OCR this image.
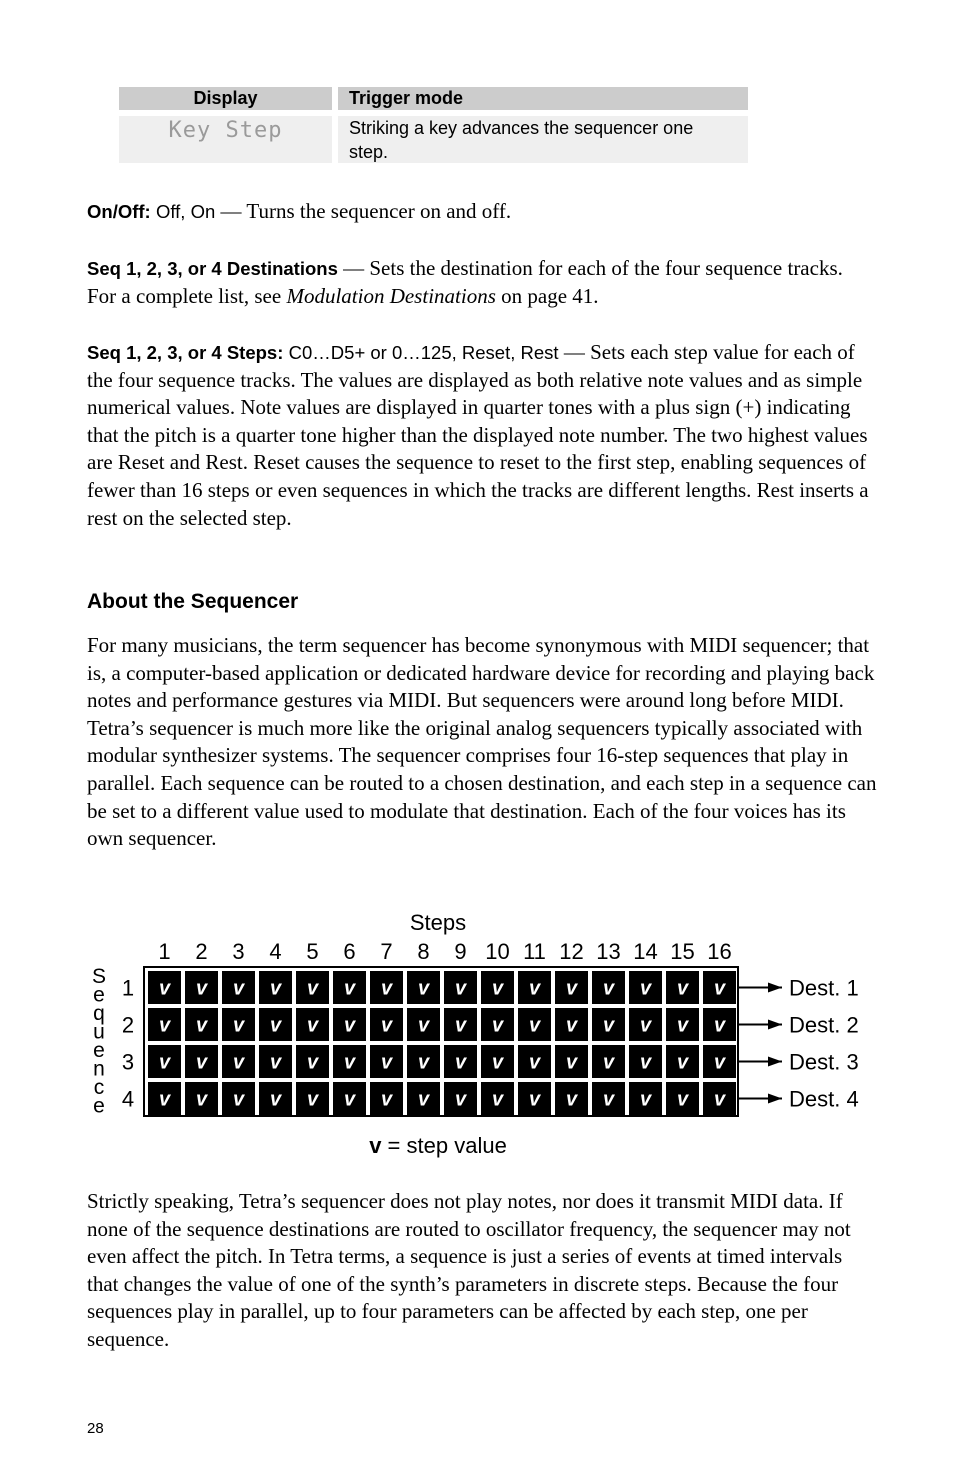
Display	Trigger mode
Key Step	Striking a key advances the sequencer one step.

On/Off: Off, On — Turns the sequencer on and off.

Seq 1, 2, 3, or 4 Destinations — Sets the destination for each of the four sequence tracks. For a complete list, see Modulation Destinations on page 41.

Seq 1, 2, 3, or 4 Steps: C0…D5+ or 0…125, Reset, Rest — Sets each step value for each of the four sequence tracks. The values are displayed as both relative note values and as simple numerical values. Note values are displayed in quarter tones with a plus sign (+) indicating that the pitch is a quarter tone higher than the displayed note number. The two highest values are Reset and Rest. Reset causes the sequence to reset to the first step, enabling sequences of fewer than 16 steps or even sequences in which the tracks are different lengths. Rest inserts a rest on the selected step.

About the Sequencer

For many musicians, the term sequencer has become synonymous with MIDI sequencer; that is, a computer-based application or dedicated hardware device for recording and playing back notes and performance gestures via MIDI. But sequencers were around long before MIDI. Tetra’s sequencer is much more like the original analog sequencers typically associated with modular synthesizer systems. The sequencer comprises four 16-step sequences that play in parallel. Each sequence can be routed to a chosen destination, and each step in a sequence can be set to a different value used to modulate that destination. Each of the four voices has its own sequencer.

Steps
1 2 3 4 5 6 7 8 9 10 11 12 13 14 15 16
S
e
q
u
e
n
c
e
1
2
3
4
v v v v v v v v v v v v v v v v
v v v v v v v v v v v v v v v v
v v v v v v v v v v v v v v v v
v v v v v v v v v v v v v v v v
Dest. 1
Dest. 2
Dest. 3
Dest. 4
v = step value

Strictly speaking, Tetra’s sequencer does not play notes, nor does it transmit MIDI data. If none of the sequence destinations are routed to oscillator frequency, the sequencer may not even affect the pitch. In Tetra terms, a sequence is just a series of events at timed intervals that changes the value of one of the synth’s parameters in discrete steps. Because the four sequences play in parallel, up to four parameters can be affected by each step, one per sequence.

28
